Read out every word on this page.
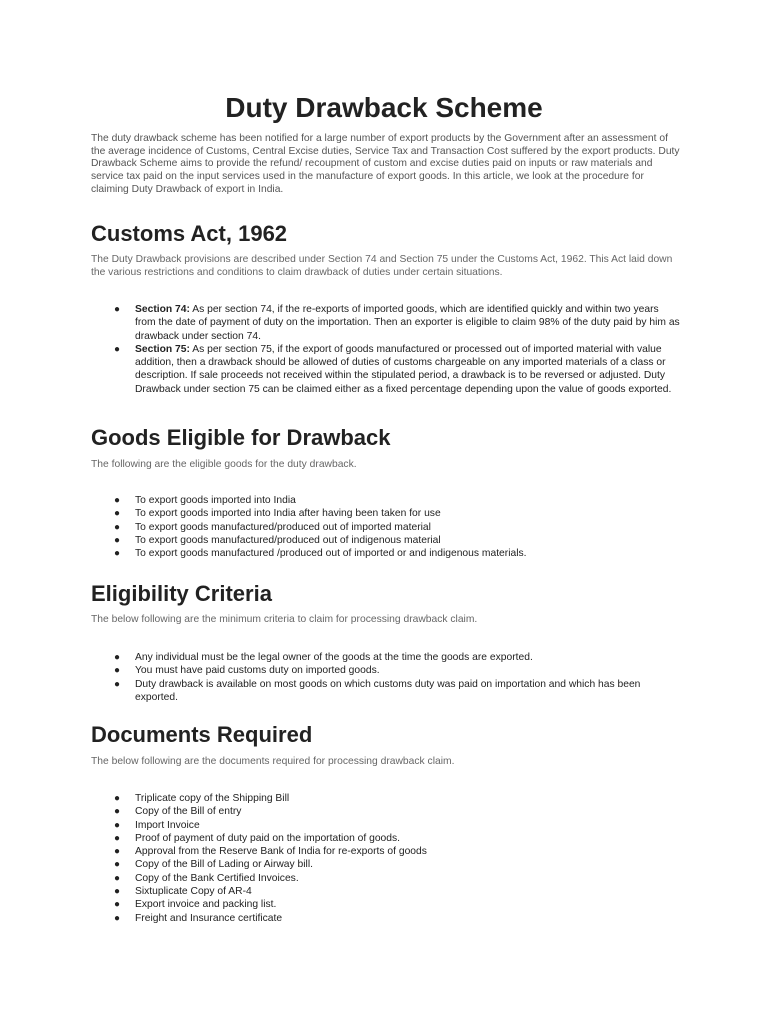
Duty Drawback Scheme

The duty drawback scheme has been notified for a large number of export products by the Government after an assessment of the average incidence of Customs, Central Excise duties, Service Tax and Transaction Cost suffered by the export products. Duty Drawback Scheme aims to provide the refund/ recoupment of custom and excise duties paid on inputs or raw materials and service tax paid on the input services used in the manufacture of export goods. In this article, we look at the procedure for claiming Duty Drawback of export in India.

Customs Act, 1962

The Duty Drawback provisions are described under Section 74 and Section 75 under the Customs Act, 1962. This Act laid down the various restrictions and conditions to claim drawback of duties under certain situations.

● Section 74: As per section 74, if the re-exports of imported goods, which are identified quickly and within two years from the date of payment of duty on the importation. Then an exporter is eligible to claim 98% of the duty paid by him as drawback under section 74.
● Section 75: As per section 75, if the export of goods manufactured or processed out of imported material with value addition, then a drawback should be allowed of duties of customs chargeable on any imported materials of a class or description. If sale proceeds not received within the stipulated period, a drawback is to be reversed or adjusted. Duty Drawback under section 75 can be claimed either as a fixed percentage depending upon the value of goods exported.
Goods Eligible for Drawback

The following are the eligible goods for the duty drawback.

● To export goods imported into India
● To export goods imported into India after having been taken for use
● To export goods manufactured/produced out of imported material
● To export goods manufactured/produced out of indigenous material
● To export goods manufactured /produced out of imported or and indigenous materials.
Eligibility Criteria

The below following are the minimum criteria to claim for processing drawback claim.

● Any individual must be the legal owner of the goods at the time the goods are exported.
● You must have paid customs duty on imported goods.
● Duty drawback is available on most goods on which customs duty was paid on importation and which has been exported.
Documents Required

The below following are the documents required for processing drawback claim.

● Triplicate copy of the Shipping Bill
● Copy of the Bill of entry
● Import Invoice
● Proof of payment of duty paid on the importation of goods.
● Approval from the Reserve Bank of India for re-exports of goods
● Copy of the Bill of Lading or Airway bill.
● Copy of the Bank Certified Invoices.
● Sixtuplicate Copy of AR-4
● Export invoice and packing list.
● Freight and Insurance certificate
